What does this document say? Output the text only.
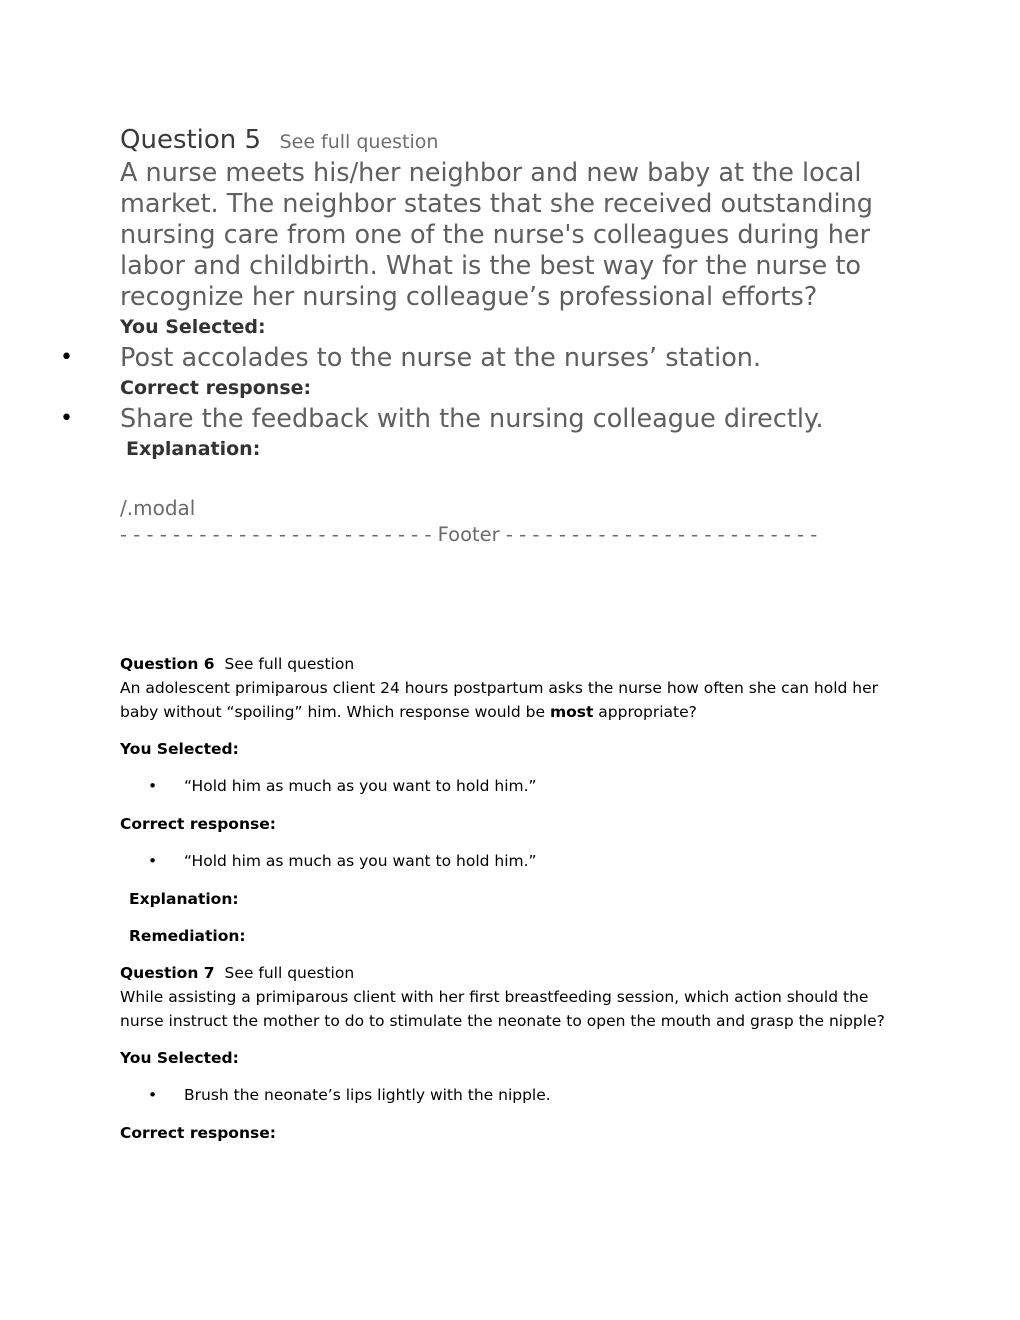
Question 5 See full question

A nurse meets his/her neighbor and new baby at the local market. The neighbor states that she received outstanding nursing care from one of the nurse's colleagues during her labor and childbirth. What is the best way for the nurse to recognize her nursing colleague’s professional efforts?

You Selected:
• Post accolades to the nurse at the nurses’ station.
Correct response:
• Share the feedback with the nursing colleague directly.
Explanation:
/.modal
- - - - - - - - - - - - - - - - - - - - - - - - Footer - - - - - - - - - - - - - - - - - - - - - - - -

Question 6 See full question

An adolescent primiparous client 24 hours postpartum asks the nurse how often she can hold her baby without “spoiling” him. Which response would be most appropriate?

You Selected:

• “Hold him as much as you want to hold him.”

Correct response:

• “Hold him as much as you want to hold him.”

Explanation:

Remediation:

Question 7 See full question

While assisting a primiparous client with her first breastfeeding session, which action should the nurse instruct the mother to do to stimulate the neonate to open the mouth and grasp the nipple?

You Selected:

• Brush the neonate’s lips lightly with the nipple.

Correct response:
